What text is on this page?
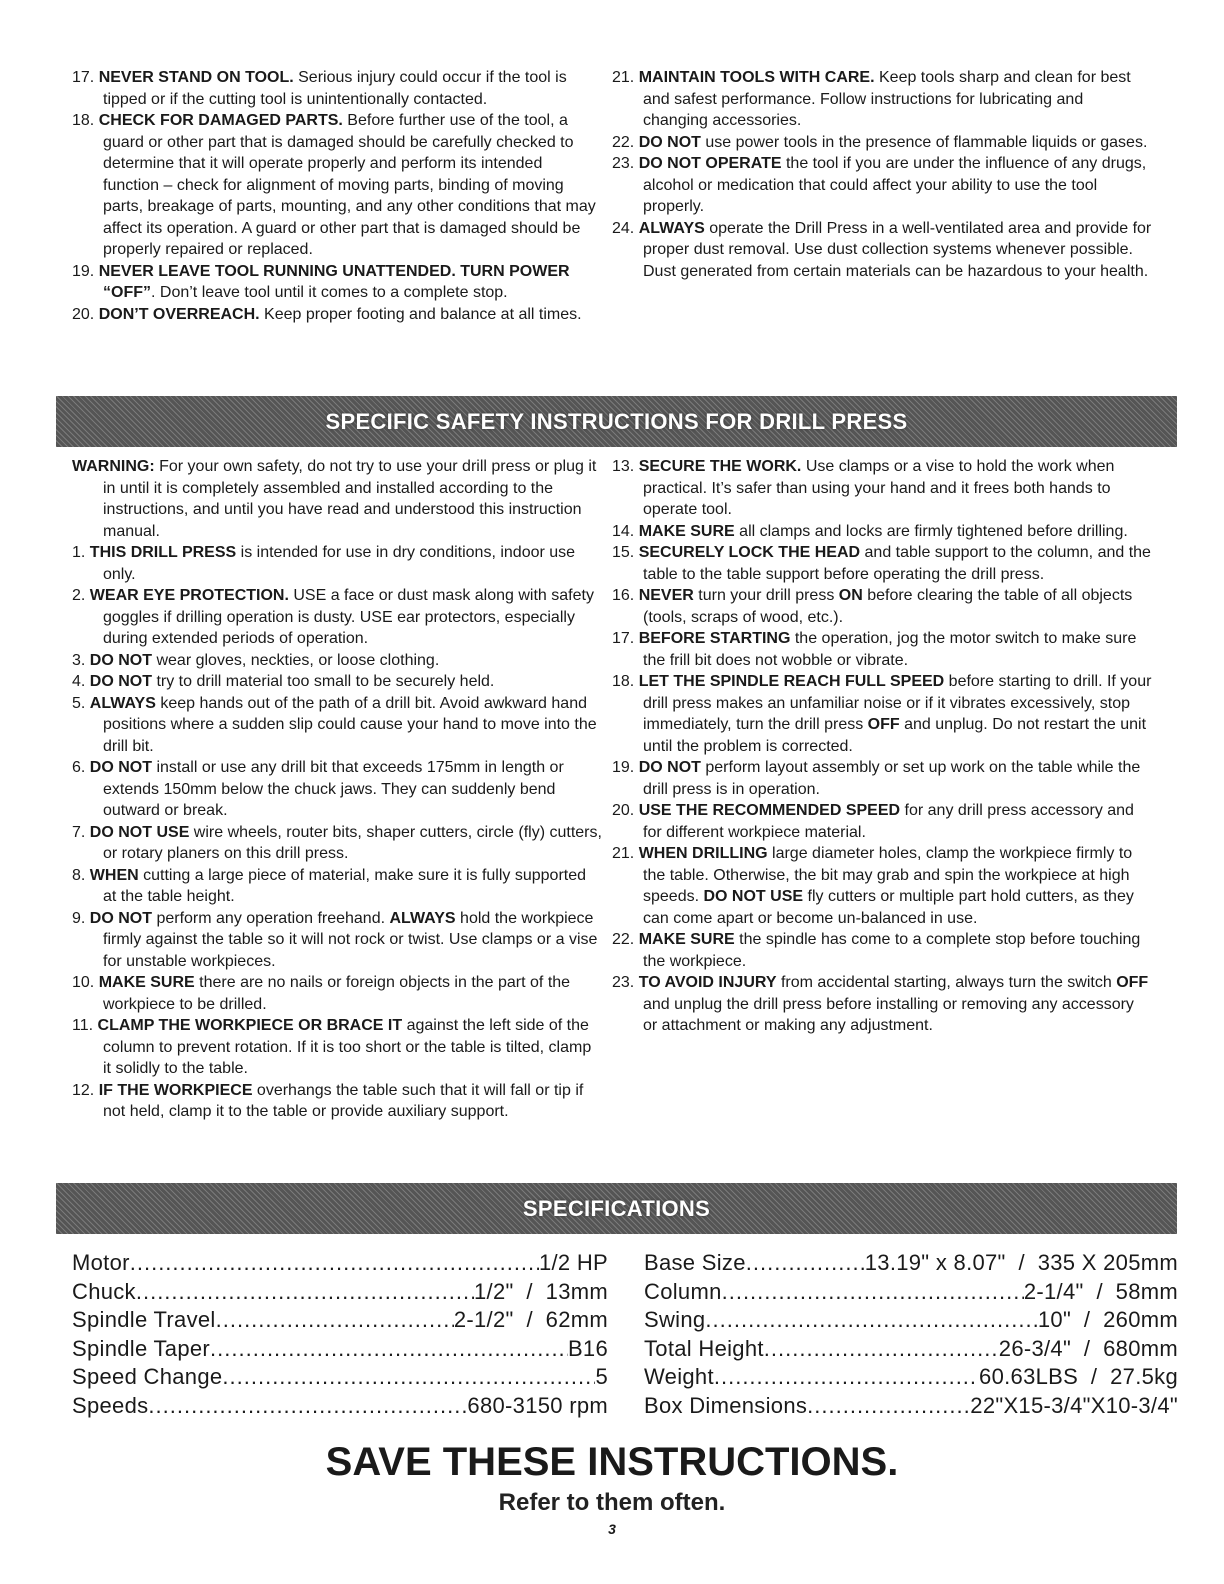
17. NEVER STAND ON TOOL. Serious injury could occur if the tool is tipped or if the cutting tool is unintentionally contacted.

18. CHECK FOR DAMAGED PARTS. Before further use of the tool, a guard or other part that is damaged should be carefully checked to determine that it will operate properly and perform its intended function – check for alignment of moving parts, binding of moving parts, breakage of parts, mounting, and any other conditions that may affect its operation. A guard or other part that is damaged should be properly repaired or replaced.

19. NEVER LEAVE TOOL RUNNING UNATTENDED. TURN POWER “OFF”. Don’t leave tool until it comes to a complete stop.

20. DON’T OVERREACH. Keep proper footing and balance at all times.

21. MAINTAIN TOOLS WITH CARE. Keep tools sharp and clean for best and safest performance. Follow instructions for lubricating and changing accessories.

22. DO NOT use power tools in the presence of flammable liquids or gases.

23. DO NOT OPERATE the tool if you are under the influence of any drugs, alcohol or medication that could affect your ability to use the tool properly.

24. ALWAYS operate the Drill Press in a well-ventilated area and provide for proper dust removal. Use dust collection systems whenever possible. Dust generated from certain materials can be hazardous to your health.

SPECIFIC SAFETY INSTRUCTIONS FOR DRILL PRESS

WARNING: For your own safety, do not try to use your drill press or plug it in until it is completely assembled and installed according to the instructions, and until you have read and understood this instruction manual.

1. THIS DRILL PRESS is intended for use in dry conditions, indoor use only.

2. WEAR EYE PROTECTION. USE a face or dust mask along with safety goggles if drilling operation is dusty. USE ear protectors, especially during extended periods of operation.

3. DO NOT wear gloves, neckties, or loose clothing.

4. DO NOT try to drill material too small to be securely held.

5. ALWAYS keep hands out of the path of a drill bit. Avoid awkward hand positions where a sudden slip could cause your hand to move into the drill bit.

6. DO NOT install or use any drill bit that exceeds 175mm in length or extends 150mm below the chuck jaws. They can suddenly bend outward or break.

7. DO NOT USE wire wheels, router bits, shaper cutters, circle (fly) cutters, or rotary planers on this drill press.

8. WHEN cutting a large piece of material, make sure it is fully supported at the table height.

9. DO NOT perform any operation freehand. ALWAYS hold the workpiece firmly against the table so it will not rock or twist. Use clamps or a vise for unstable workpieces.

10. MAKE SURE there are no nails or foreign objects in the part of the workpiece to be drilled.

11. CLAMP THE WORKPIECE OR BRACE IT against the left side of the column to prevent rotation. If it is too short or the table is tilted, clamp it solidly to the table.

12. IF THE WORKPIECE overhangs the table such that it will fall or tip if not held, clamp it to the table or provide auxiliary support.

13. SECURE THE WORK. Use clamps or a vise to hold the work when practical. It’s safer than using your hand and it frees both hands to operate tool.

14. MAKE SURE all clamps and locks are firmly tightened before drilling.

15. SECURELY LOCK THE HEAD and table support to the column, and the table to the table support before operating the drill press.

16. NEVER turn your drill press ON before clearing the table of all objects (tools, scraps of wood, etc.).

17. BEFORE STARTING the operation, jog the motor switch to make sure the frill bit does not wobble or vibrate.

18. LET THE SPINDLE REACH FULL SPEED before starting to drill. If your drill press makes an unfamiliar noise or if it vibrates excessively, stop immediately, turn the drill press OFF and unplug. Do not restart the unit until the problem is corrected.

19. DO NOT perform layout assembly or set up work on the table while the drill press is in operation.

20. USE THE RECOMMENDED SPEED for any drill press accessory and for different workpiece material.

21. WHEN DRILLING large diameter holes, clamp the workpiece firmly to the table. Otherwise, the bit may grab and spin the workpiece at high speeds. DO NOT USE fly cutters or multiple part hold cutters, as they can come apart or become un-balanced in use.

22. MAKE SURE the spindle has come to a complete stop before touching the workpiece.

23. TO AVOID INJURY from accidental starting, always turn the switch OFF and unplug the drill press before installing or removing any accessory or attachment or making any adjustment.

SPECIFICATIONS
Motor .....	1/2 HP
Chuck .....	1/2"  /  13mm
Spindle Travel .....	2-1/2"  /  62mm
Spindle Taper .....	B16
Speed Change .....	5
Speeds .....	680-3150 rpm
Base Size .....	13.19" x 8.07"  /  335 X 205mm
Column .....	2-1/4"  /  58mm
Swing .....	10"  /  260mm
Total Height .....	26-3/4"  /  680mm
Weight .....	60.63LBS  /  27.5kg
Box Dimensions .....	22"X15-3/4"X10-3/4"
SAVE THESE INSTRUCTIONS.
Refer to them often.
3
